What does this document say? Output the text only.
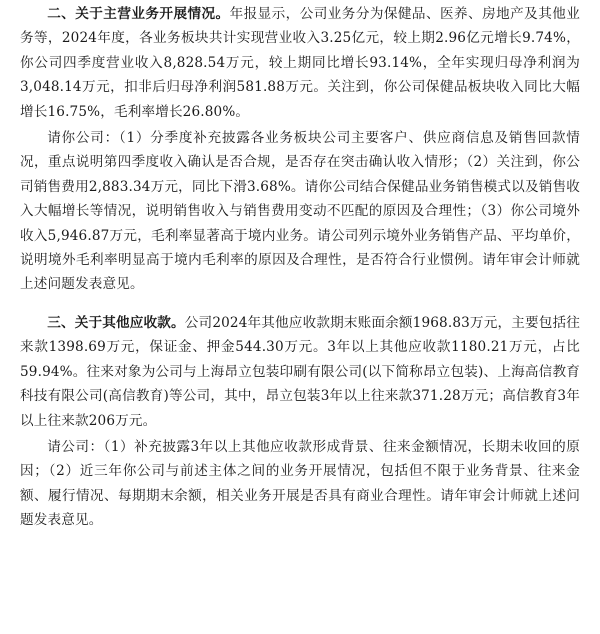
二、关于主营业务开展情况。年报显示，公司业务分为保健品、医养、房地产及其他业务等，2024年度，各业务板块共计实现营业收入3.25亿元，较上期2.96亿元增长9.74%，你公司四季度营业收入8,828.54万元，较上期同比增长93.14%，全年实现归母净利润为3,048.14万元，扣非后归母净利润581.88万元。关注到，你公司保健品板块收入同比大幅增长16.75%，毛利率增长26.80%。

请你公司：（1）分季度补充披露各业务板块公司主要客户、供应商信息及销售回款情况，重点说明第四季度收入确认是否合规，是否存在突击确认收入情形；（2）关注到，你公司销售费用2,883.34万元，同比下滑3.68%。请你公司结合保健品业务销售模式以及销售收入大幅增长等情况，说明销售收入与销售费用变动不匹配的原因及合理性；（3）你公司境外收入5,946.87万元，毛利率显著高于境内业务。请公司列示境外业务销售产品、平均单价，说明境外毛利率明显高于境内毛利率的原因及合理性，是否符合行业惯例。请年审会计师就上述问题发表意见。

三、关于其他应收款。公司2024年其他应收款期末账面余额1968.83万元，主要包括往来款1398.69万元，保证金、押金544.30万元。3年以上其他应收款1180.21万元，占比59.94%。往来对象为公司与上海昂立包装印刷有限公司(以下简称昂立包装)、上海高信教育科技有限公司(高信教育)等公司，其中，昂立包装3年以上往来款371.28万元；高信教育3年以上往来款206万元。

请公司：（1）补充披露3年以上其他应收款形成背景、往来金额情况，长期未收回的原因；（2）近三年你公司与前述主体之间的业务开展情况，包括但不限于业务背景、往来金额、履行情况、每期期末余额，相关业务开展是否具有商业合理性。请年审会计师就上述问题发表意见。
